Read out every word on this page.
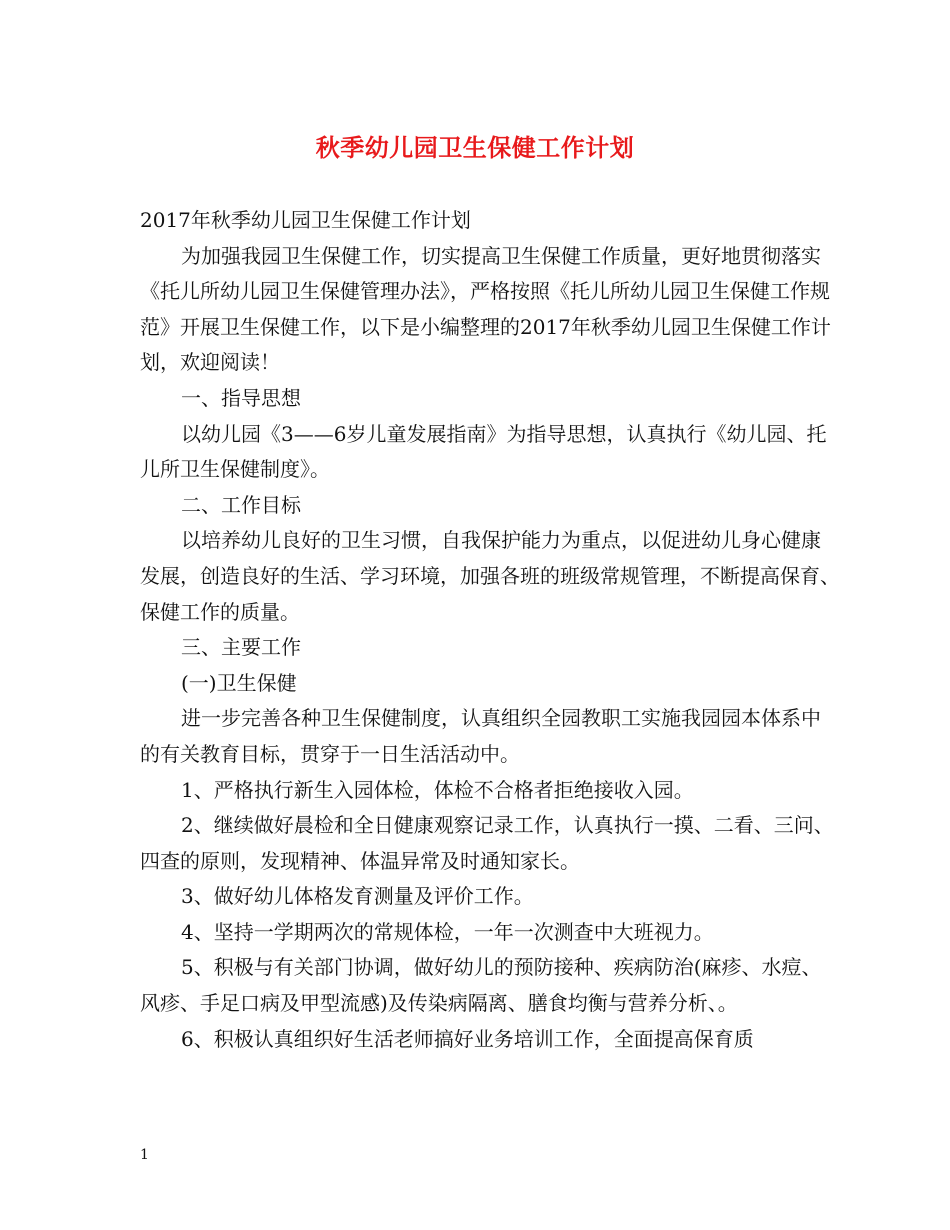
秋季幼儿园卫生保健工作计划

2017年秋季幼儿园卫生保健工作计划

为加强我园卫生保健工作，切实提高卫生保健工作质量，更好地贯彻落实《托儿所幼儿园卫生保健管理办法》，严格按照《托儿所幼儿园卫生保健工作规范》开展卫生保健工作，以下是小编整理的2017年秋季幼儿园卫生保健工作计划，欢迎阅读！

一、指导思想

以幼儿园《3——6岁儿童发展指南》为指导思想，认真执行《幼儿园、托儿所卫生保健制度》。

二、工作目标

以培养幼儿良好的卫生习惯，自我保护能力为重点，以促进幼儿身心健康发展，创造良好的生活、学习环境，加强各班的班级常规管理，不断提高保育、保健工作的质量。

三、主要工作

(一)卫生保健

进一步完善各种卫生保健制度，认真组织全园教职工实施我园园本体系中的有关教育目标，贯穿于一日生活活动中。

1、严格执行新生入园体检，体检不合格者拒绝接收入园。

2、继续做好晨检和全日健康观察记录工作，认真执行一摸、二看、三问、四查的原则，发现精神、体温异常及时通知家长。

3、做好幼儿体格发育测量及评价工作。

4、坚持一学期两次的常规体检，一年一次测查中大班视力。

5、积极与有关部门协调，做好幼儿的预防接种、疾病防治(麻疹、水痘、风疹、手足口病及甲型流感)及传染病隔离、膳食均衡与营养分析、。

6、积极认真组织好生活老师搞好业务培训工作，全面提高保育质

1
